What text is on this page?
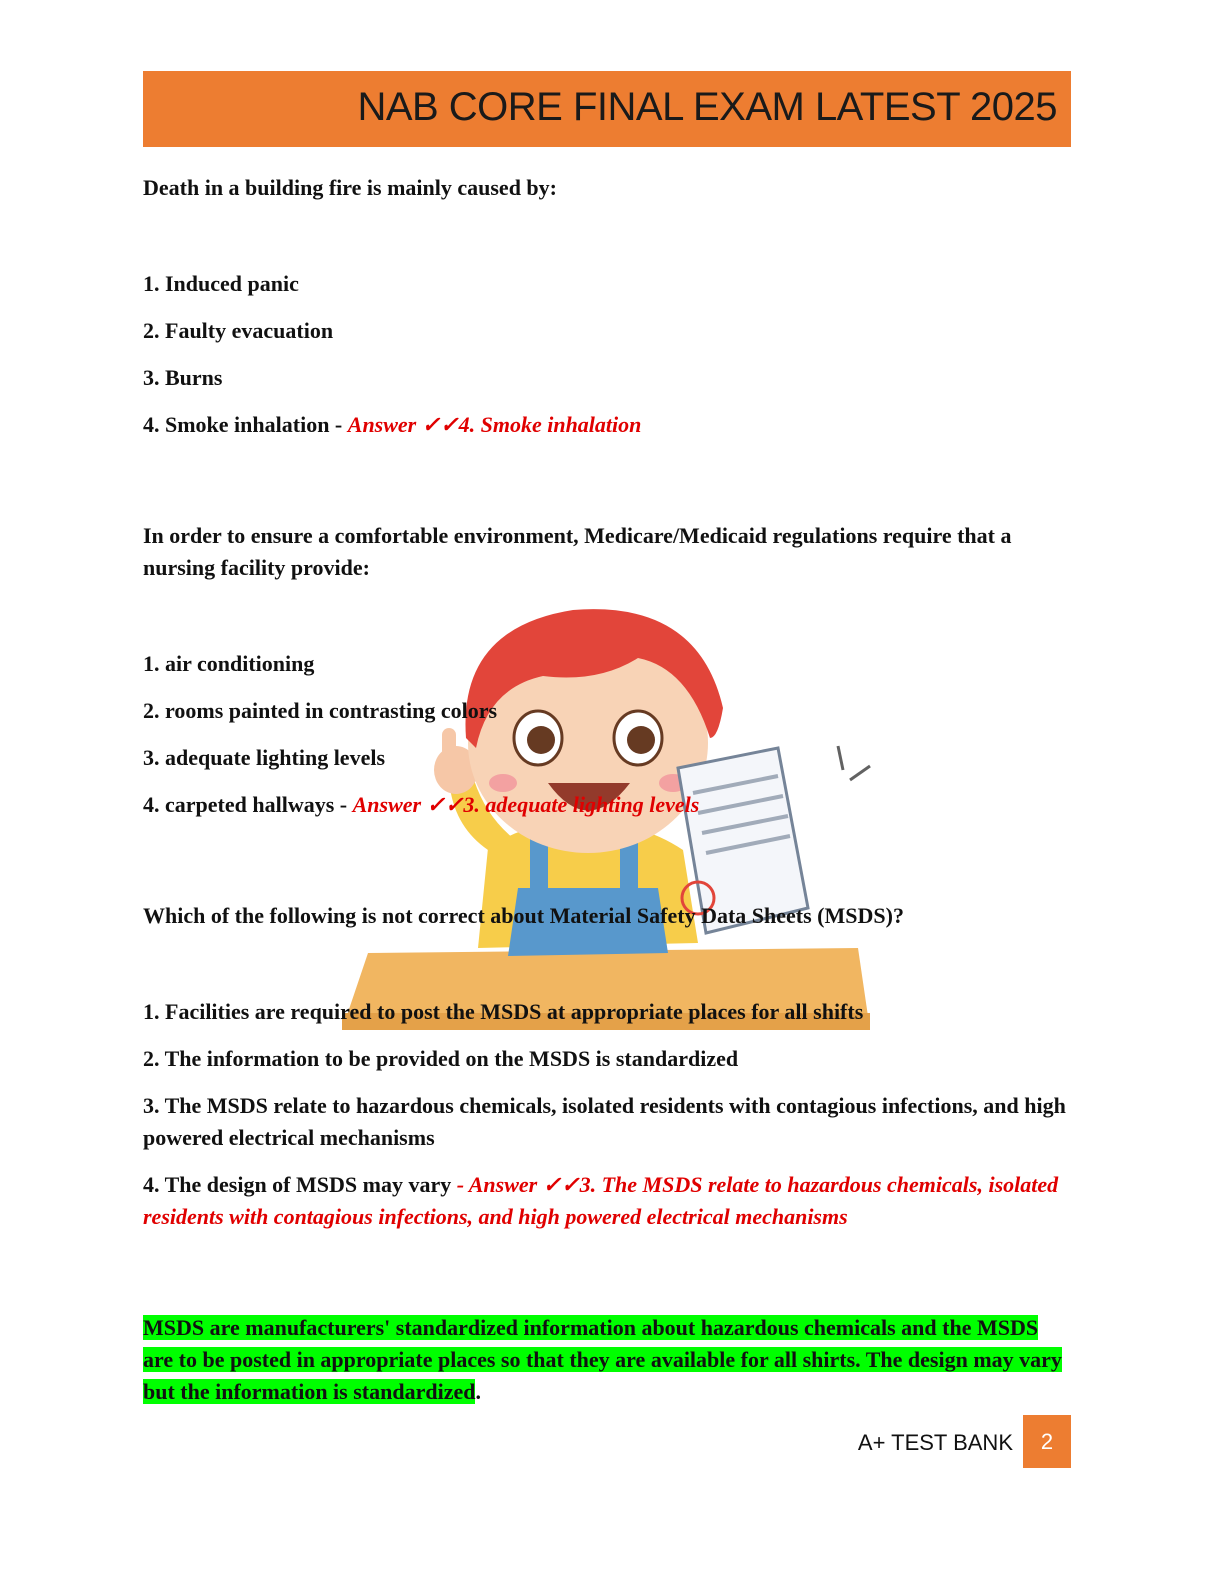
NAB CORE FINAL EXAM LATEST 2025

Death in a building fire is mainly caused by:

1. Induced panic

2. Faulty evacuation

3. Burns

4. Smoke inhalation - Answer ✓✓4. Smoke inhalation

In order to ensure a comfortable environment, Medicare/Medicaid regulations require that a nursing facility provide:

1. air conditioning

2. rooms painted in contrasting colors

3. adequate lighting levels

4. carpeted hallways - Answer ✓✓3. adequate lighting levels

Which of the following is not correct about Material Safety Data Sheets (MSDS)?

1. Facilities are required to post the MSDS at appropriate places for all shifts

2. The information to be provided on the MSDS is standardized

3. The MSDS relate to hazardous chemicals, isolated residents with contagious infections, and high powered electrical mechanisms

4. The design of MSDS may vary - Answer ✓✓3. The MSDS relate to hazardous chemicals, isolated residents with contagious infections, and high powered electrical mechanisms

MSDS are manufacturers' standardized information about hazardous chemicals and the MSDS are to be posted in appropriate places so that they are available for all shirts. The design may vary but the information is standardized.

A+ TEST BANK	2
